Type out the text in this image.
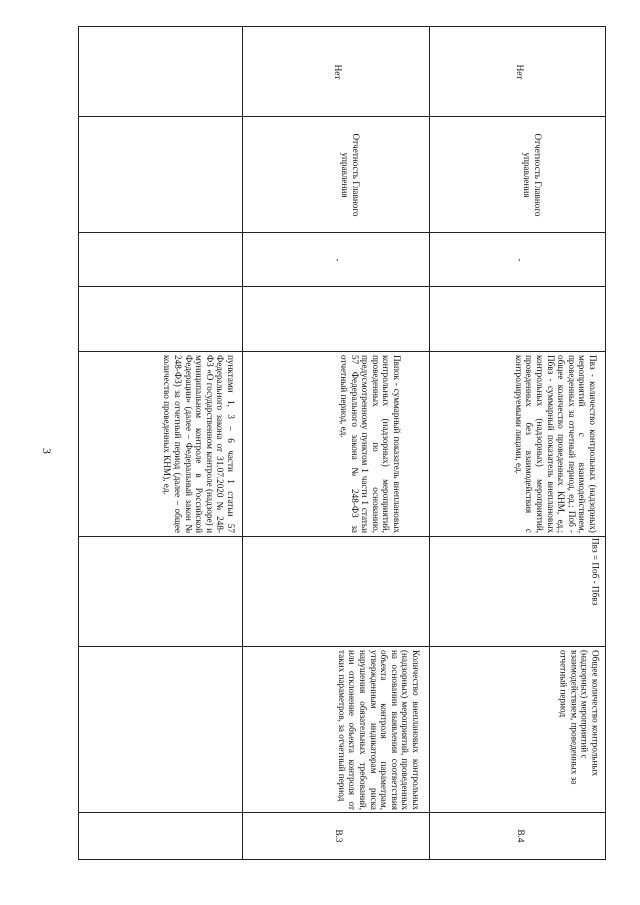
3	пунктами 1, 3 – 6 части 1 статьи 57 Федерального закона от 31.07.2020 № 248-ФЗ «О государственном контроле (надзоре) и муниципальном контроле в Российской Федерации» (далее – Федеральный закон № 248-ФЗ) за отчетный период (далее – общее количество проведенных КНМ), ед.

B.3

Количество внеплановых контрольных (надзорных) мероприятий, проведенных на основании выявления соответствия объекта контроля параметрам, утвержденным индикаторам риска нарушения обязательных требований, или отклонение объекта контроля от таких параметров, за отчетный период

Пвпок - суммарный показатель внеплановых контрольных (надзорных) мероприятий, проведенных по основанию, предусмотренному пунктом 1 части 1 статьи 57 Федерального закона № 248-ФЗ за отчетный период, ед.

-

Отчетность Главного управления

Нет

B.4

Общее количество контрольных (надзорных) мероприятий с взаимодействием, проведенных за отчетный период

Пвз = Поб - Пбвз

Пвз - количество контрольных (надзорных) мероприятий с взаимодействием, проведенных за отчетный период, ед.; Поб - общее количество проведенных КНМ, ед.; Пбвз - суммарный показатель внеплановых контрольных (надзорных) мероприятий, проведенных без взаимодействия с контролируемыми лицами, ед.

-

Отчетность Главного управления

Нет
